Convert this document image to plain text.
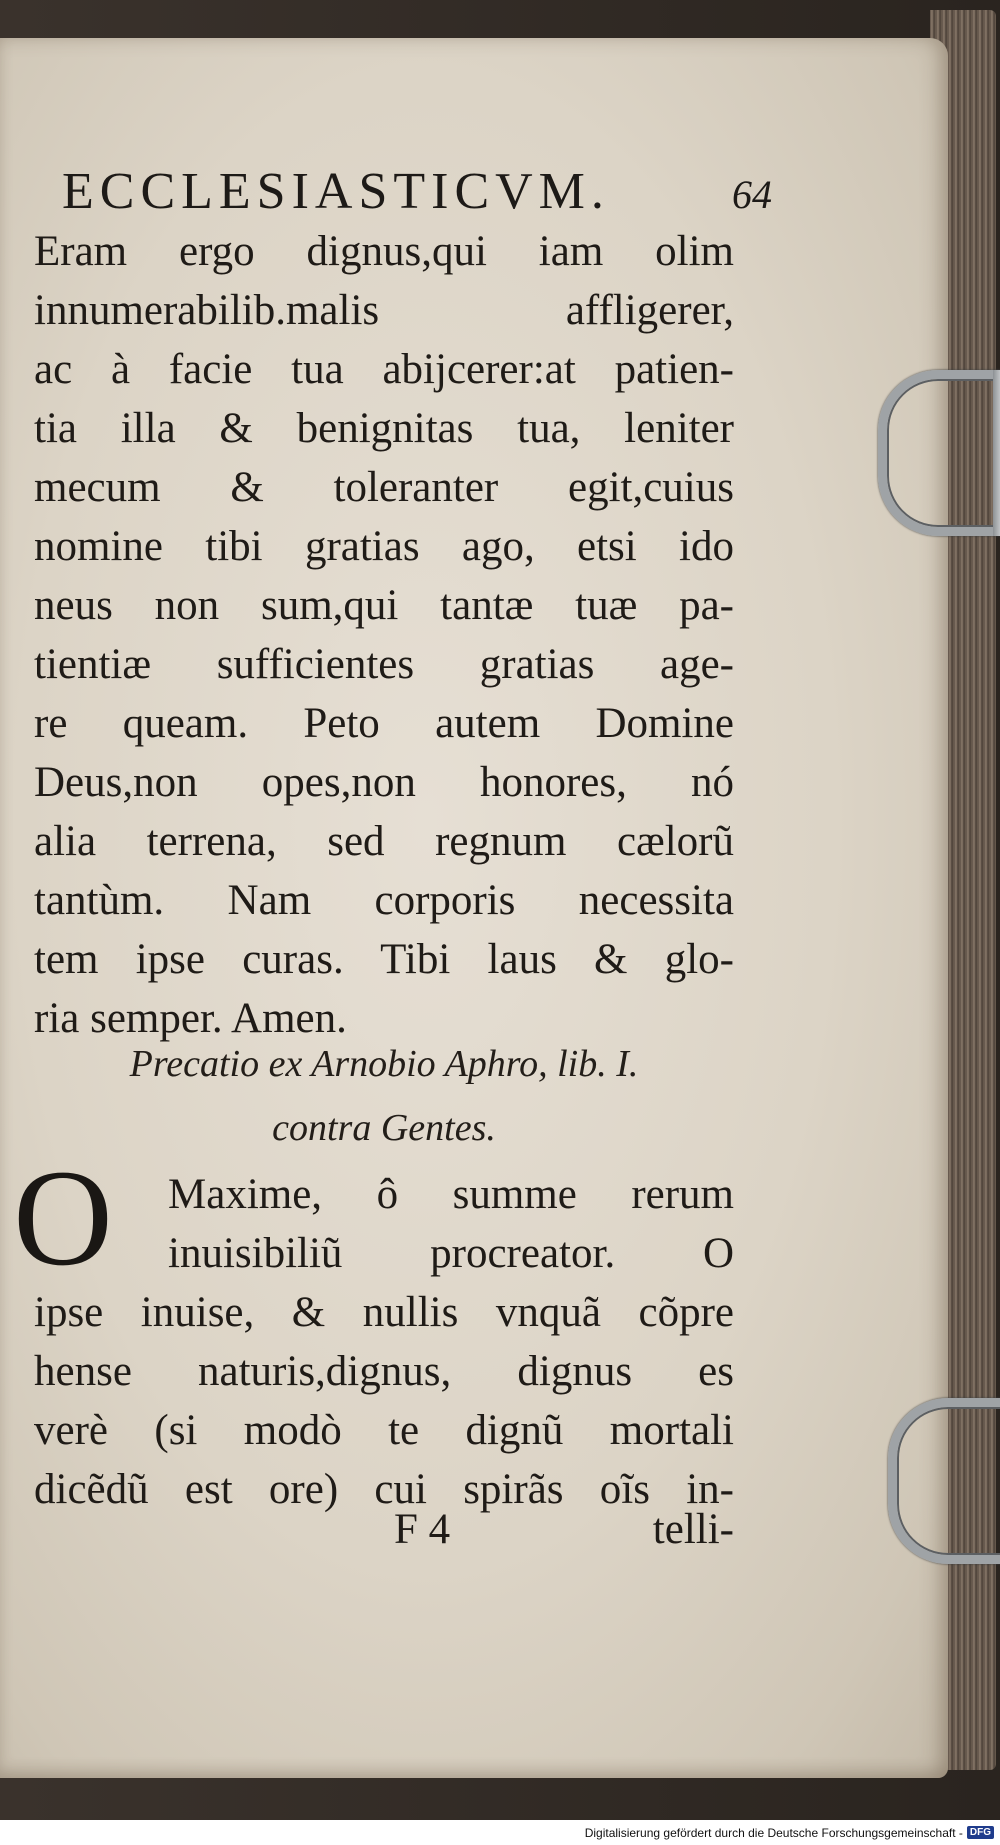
ECCLESIASTICVM.	64
Eram ergo dignus,qui iam olim
innumerabilib.malis affligerer,
ac à facie tua abijcerer:at patien-
tia illa & benignitas tua, leniter
mecum & toleranter egit,cuius
nomine tibi gratias ago, etsi ido
neus non sum,qui tantæ tuæ pa-
tientiæ sufficientes gratias age-
re queam. Peto autem Domine
Deus,non opes,non honores, nó
alia terrena, sed regnum cælorũ
tantùm. Nam corporis necessita
tem ipse curas. Tibi laus & glo-
ria semper. Amen.
Precatio ex Arnobio Aphro, lib. I.
contra Gentes.
O	Maxime, ô summe rerum
inuisibiliũ procreator. O
ipse inuise, & nullis vnquã cõpre
hense naturis,dignus, dignus es
verè (si modò te dignũ mortali
dicẽdũ est ore) cui spirãs oĩs in-
F 4	telli-
Digitalisierung gefördert durch die Deutsche Forschungsgemeinschaft - DFG
